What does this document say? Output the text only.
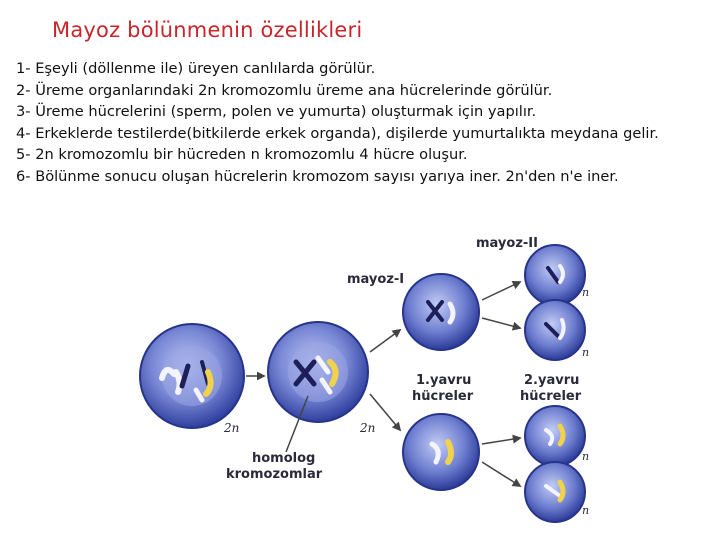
Mayoz bölünmenin özellikleri

1- Eşeyli (döllenme ile) üreyen canlılarda görülür.

2- Üreme organlarındaki 2n kromozomlu üreme ana hücrelerinde görülür.

3- Üreme hücrelerini (sperm, polen ve yumurta) oluşturmak için yapılır.

4- Erkeklerde testilerde(bitkilerde erkek organda), dişilerde yumurtalıkta meydana gelir.

5- 2n kromozomlu bir hücreden n kromozomlu 4 hücre oluşur.

6- Bölünme sonucu oluşan hücrelerin kromozom sayısı yarıya iner. 2n'den n'e iner.

mayoz-I
mayoz-II
1.yavru
hücreler
2.yavru
hücreler
homolog
kromozomlar
2n	2n
n
n
n
n
